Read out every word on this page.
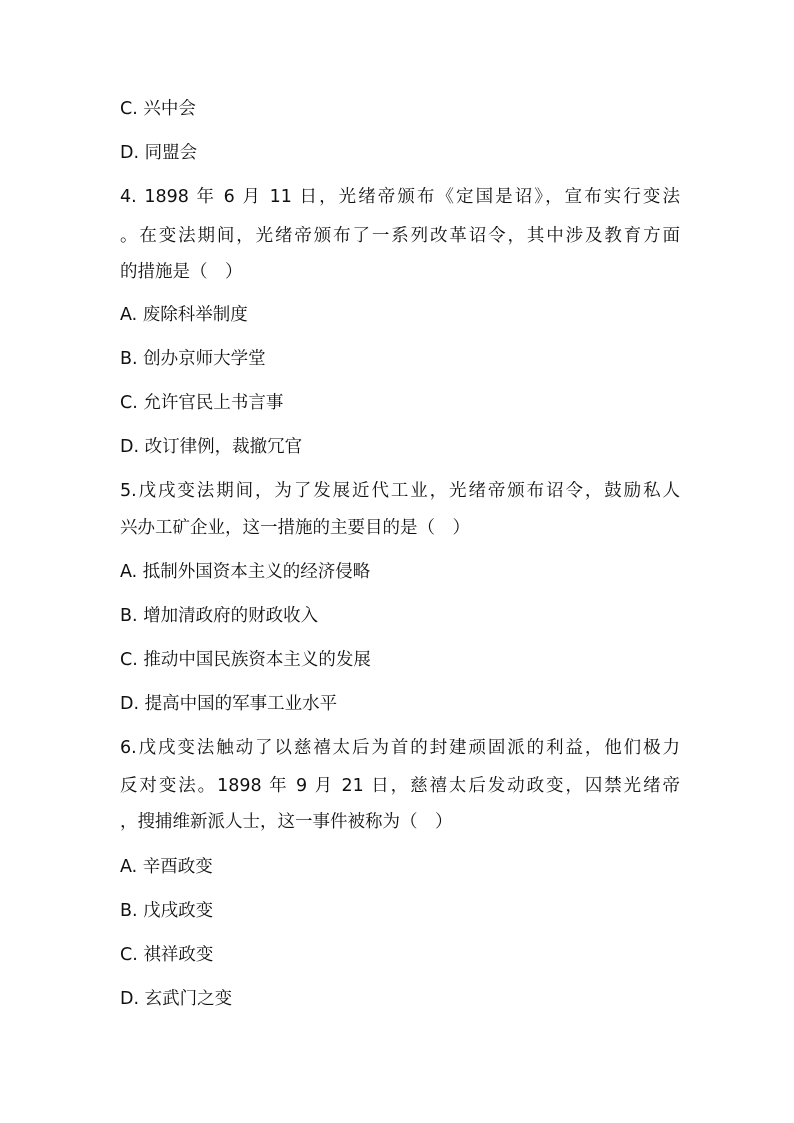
C. 兴中会
D. 同盟会
4. 1898 年 6 月 11 日，光绪帝颁布《定国是诏》，宣布实行变法
。在变法期间，光绪帝颁布了一系列改革诏令，其中涉及教育方面
的措施是（　）
A. 废除科举制度
B. 创办京师大学堂
C. 允许官民上书言事
D. 改订律例，裁撤冗官
5.戊戌变法期间，为了发展近代工业，光绪帝颁布诏令，鼓励私人
兴办工矿企业，这一措施的主要目的是（　）
A. 抵制外国资本主义的经济侵略
B. 增加清政府的财政收入
C. 推动中国民族资本主义的发展
D. 提高中国的军事工业水平
6.戊戌变法触动了以慈禧太后为首的封建顽固派的利益，他们极力
反对变法。1898 年 9 月 21 日，慈禧太后发动政变，囚禁光绪帝
，搜捕维新派人士，这一事件被称为（　）
A. 辛酉政变
B. 戊戌政变
C. 祺祥政变
D. 玄武门之变
